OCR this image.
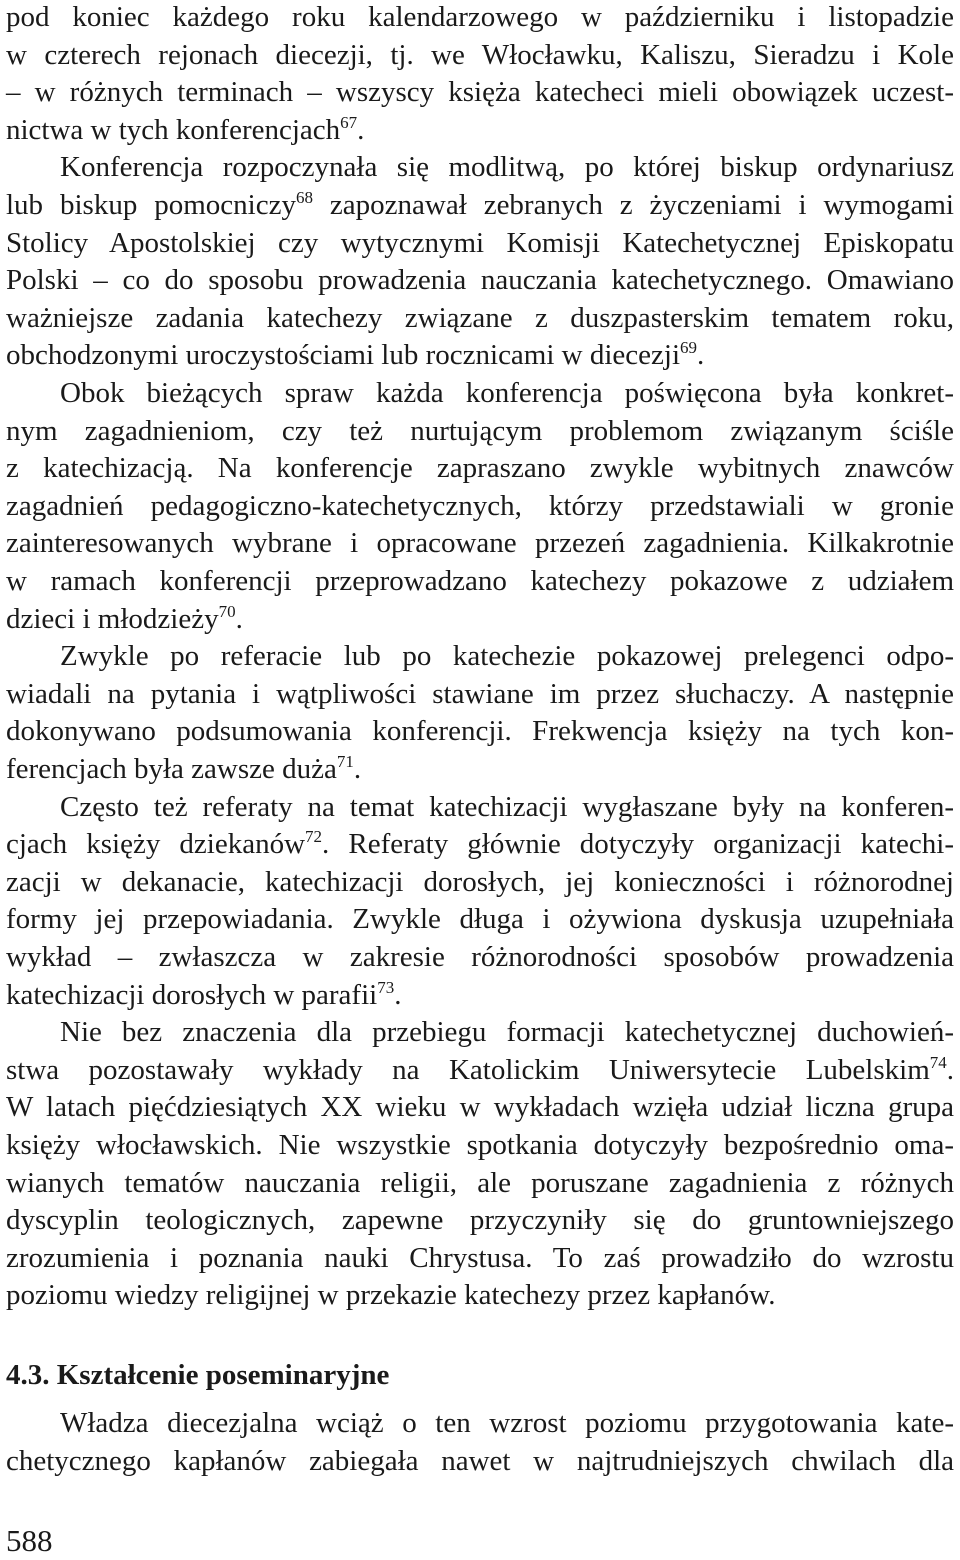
pod koniec każdego roku kalendarzowego w październiku i listopadzie
w czterech rejonach diecezji, tj. we Włocławku, Kaliszu, Sieradzu i Kole
– w różnych terminach – wszyscy księża katecheci mieli obowiązek uczest-
nictwa w tych konferencjach$^{67}$.
Konferencja rozpoczynała się modlitwą, po której biskup ordynariusz
lub biskup pomocniczy$^{68}$ zapoznawał zebranych z życzeniami i wymogami
Stolicy Apostolskiej czy wytycznymi Komisji Katechetycznej Episkopatu
Polski – co do sposobu prowadzenia nauczania katechetycznego. Omawiano
ważniejsze zadania katechezy związane z duszpasterskim tematem roku,
obchodzonymi uroczystościami lub rocznicami w diecezji$^{69}$.
Obok bieżących spraw każda konferencja poświęcona była konkret-
nym zagadnieniom, czy też nurtującym problemom związanym ściśle
z katechizacją. Na konferencje zapraszano zwykle wybitnych znawców
zagadnień pedagogiczno-katechetycznych, którzy przedstawiali w gronie
zainteresowanych wybrane i opracowane przezeń zagadnienia. Kilkakrotnie
w ramach konferencji przeprowadzano katechezy pokazowe z udziałem
dzieci i młodzieży$^{70}$.
Zwykle po referacie lub po katechezie pokazowej prelegenci odpo-
wiadali na pytania i wątpliwości stawiane im przez słuchaczy. A następnie
dokonywano podsumowania konferencji. Frekwencja księży na tych kon-
ferencjach była zawsze duża$^{71}$.
Często też referaty na temat katechizacji wygłaszane były na konferen-
cjach księży dziekanów$^{72}$. Referaty głównie dotyczyły organizacji katechi-
zacji w dekanacie, katechizacji dorosłych, jej konieczności i różnorodnej
formy jej przepowiadania. Zwykle długa i ożywiona dyskusja uzupełniała
wykład – zwłaszcza w zakresie różnorodności sposobów prowadzenia
katechizacji dorosłych w parafii$^{73}$.
Nie bez znaczenia dla przebiegu formacji katechetycznej duchowień-
stwa pozostawały wykłady na Katolickim Uniwersytecie Lubelskim$^{74}$.
W latach pięćdziesiątych XX wieku w wykładach wzięła udział liczna grupa
księży włocławskich. Nie wszystkie spotkania dotyczyły bezpośrednio oma-
wianych tematów nauczania religii, ale poruszane zagadnienia z różnych
dyscyplin teologicznych, zapewne przyczyniły się do gruntowniejszego
zrozumienia i poznania nauki Chrystusa. To zaś prowadziło do wzrostu
poziomu wiedzy religijnej w przekazie katechezy przez kapłanów.
4.3. Kształcenie poseminaryjne
Władza diecezjalna wciąż o ten wzrost poziomu przygotowania kate-
chetycznego kapłanów zabiegała nawet w najtrudniejszych chwilach dla
588
